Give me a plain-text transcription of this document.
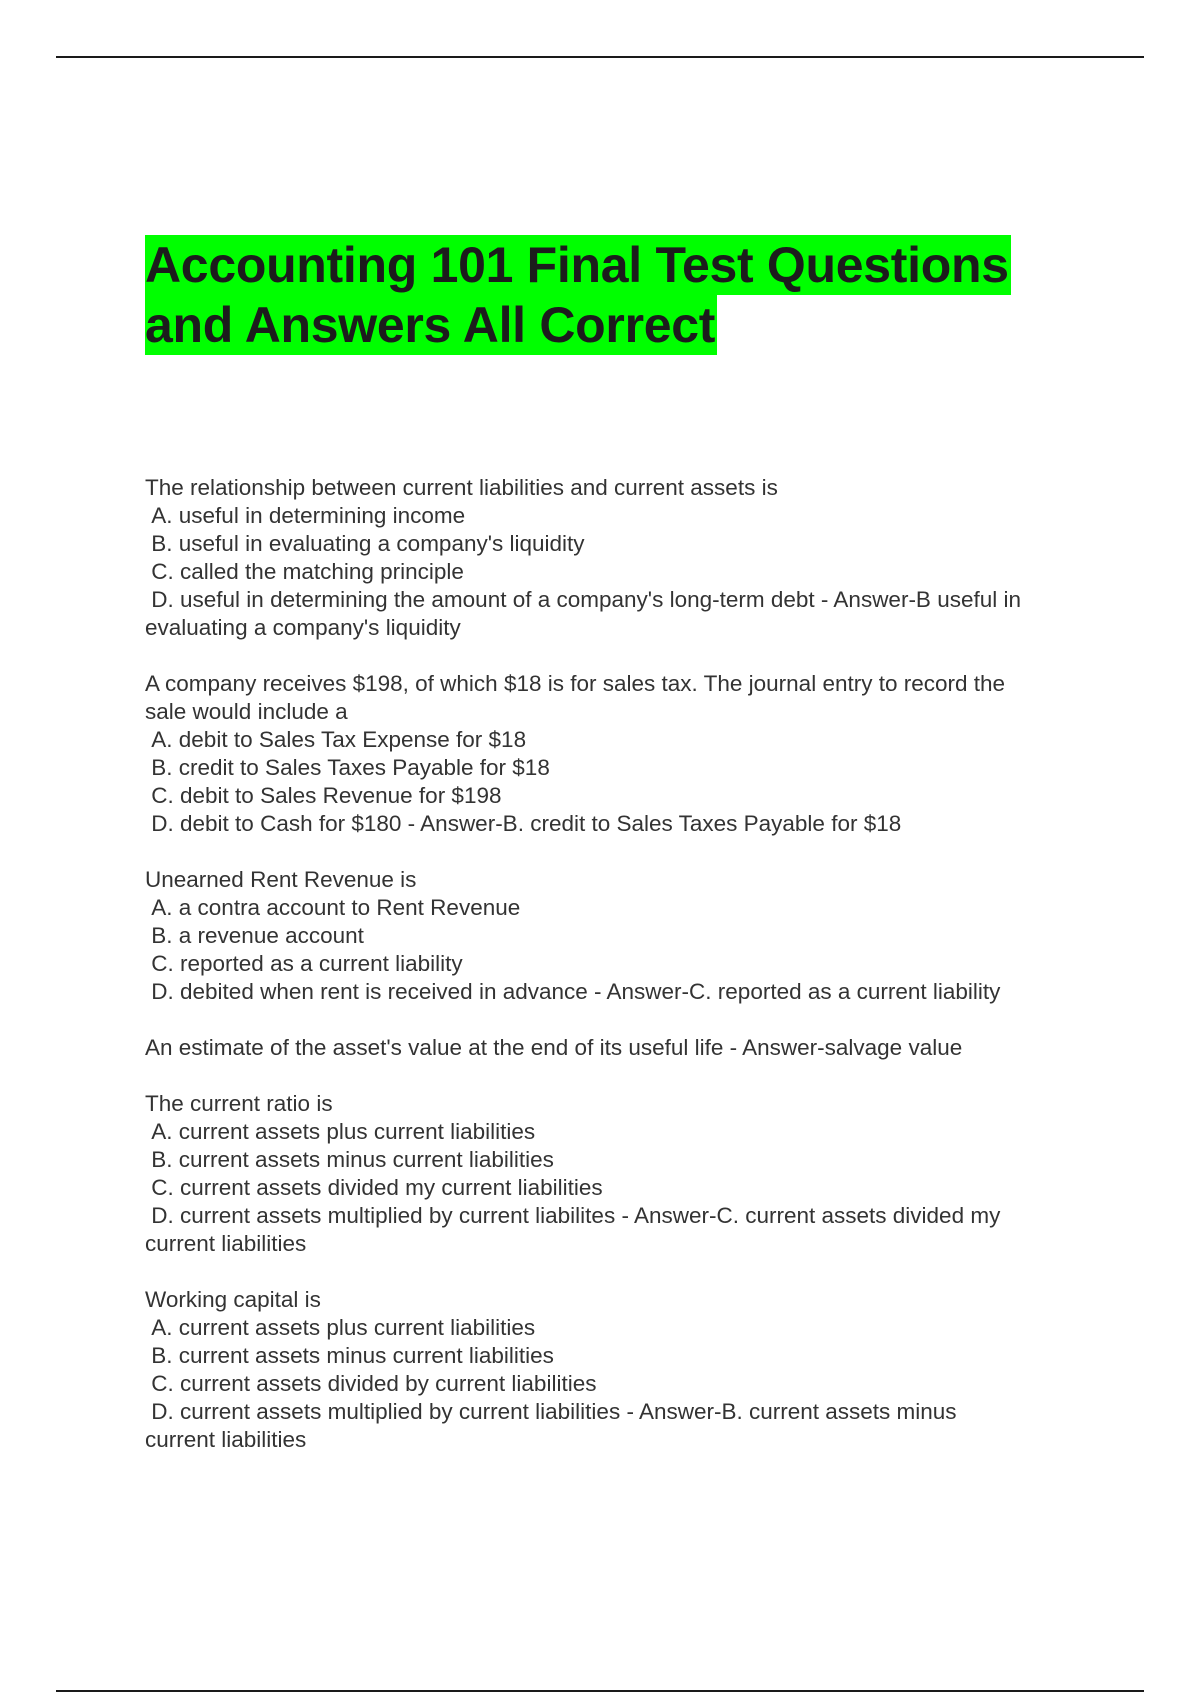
Accounting 101 Final Test Questions
and Answers All Correct
The relationship between current liabilities and current assets is
A. useful in determining income
B. useful in evaluating a company's liquidity
C. called the matching principle
D. useful in determining the amount of a company's long-term debt - Answer-B useful in
evaluating a company's liquidity
A company receives $198, of which $18 is for sales tax. The journal entry to record the
sale would include a
A. debit to Sales Tax Expense for $18
B. credit to Sales Taxes Payable for $18
C. debit to Sales Revenue for $198
D. debit to Cash for $180 - Answer-B. credit to Sales Taxes Payable for $18
Unearned Rent Revenue is
A. a contra account to Rent Revenue
B. a revenue account
C. reported as a current liability
D. debited when rent is received in advance - Answer-C. reported as a current liability
An estimate of the asset's value at the end of its useful life - Answer-salvage value
The current ratio is
A. current assets plus current liabilities
B. current assets minus current liabilities
C. current assets divided my current liabilities
D. current assets multiplied by current liabilites - Answer-C. current assets divided my
current liabilities
Working capital is
A. current assets plus current liabilities
B. current assets minus current liabilities
C. current assets divided by current liabilities
D. current assets multiplied by current liabilities - Answer-B. current assets minus
current liabilities
